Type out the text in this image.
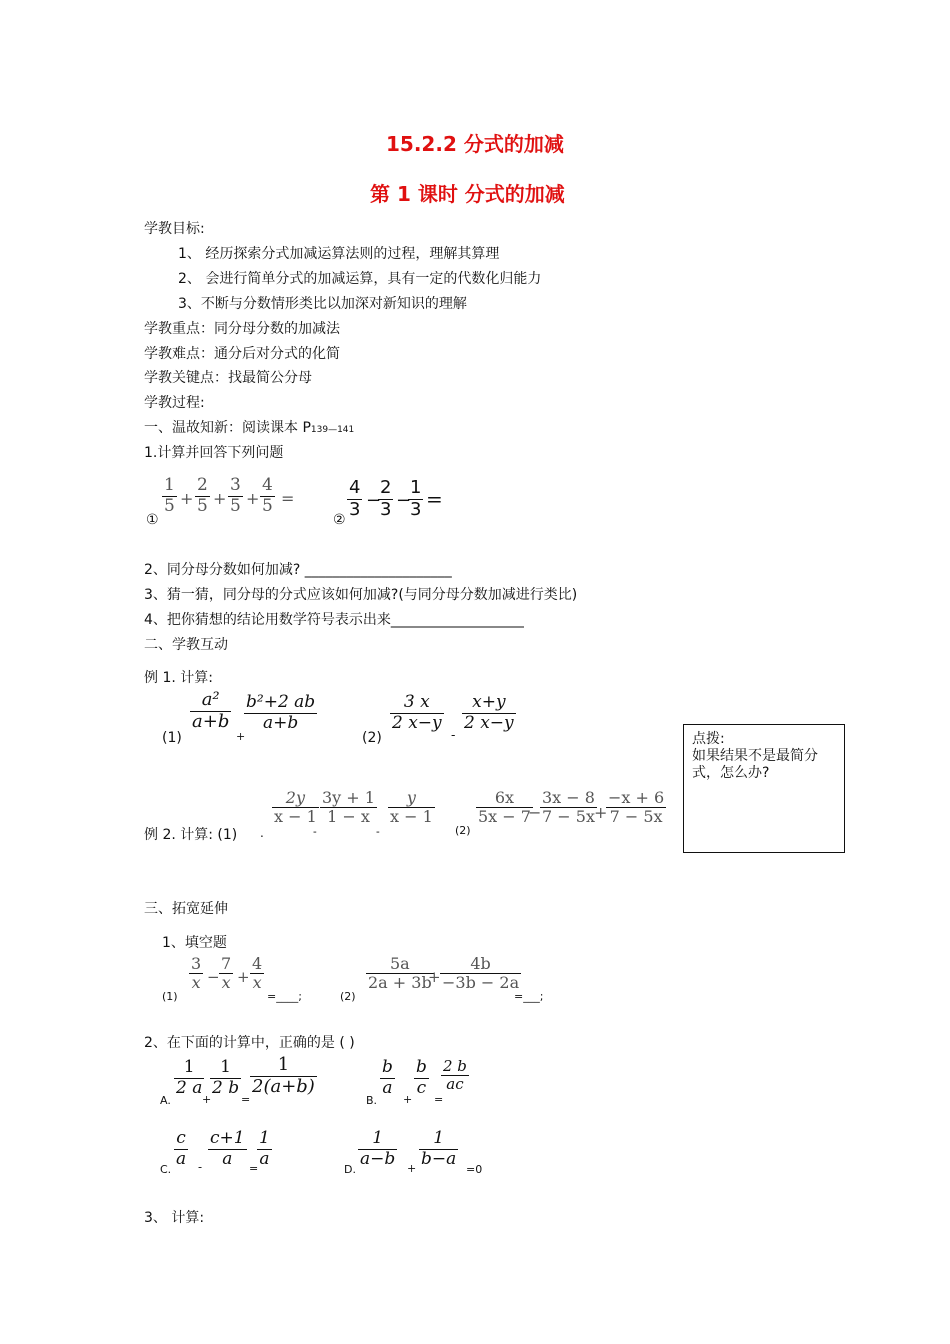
15.2.2 分式的加减
第 1 课时 分式的加减
学教目标:
1、 经历探索分式加减运算法则的过程，理解其算理
2、 会进行简单分式的加减运算，具有一定的代数化归能力
3、不断与分数情形类比以加深对新知识的理解
学教重点：同分母分数的加减法
学教难点：通分后对分式的化简
学教关键点：找最简公分母
学教过程:
一、温故知新：阅读课本 P139—141
1.计算并回答下列问题
①
$\frac{1}{5} + \frac{2}{5} + \frac{3}{5} + \frac{4}{5}$ =
② $\frac{4}{3}$ −
$\frac{2}{3}$ −
$\frac{1}{3}$ =
2、同分母分数如何加减? _____________________
3、猜一猜，同分母的分式应该如何加减?(与同分母分数加减进行类比)
4、把你猜想的结论用数学符号表示出来___________________
二、学教互动
例 1. 计算:
(1)
$\frac{\text{a²}}{a+b}$
+
$\frac{\text{b²+2 ab}}{a+b}$
(2)
$\frac{3 x}{2 x-y}$
-
$\frac{x+y}{2 x-y}$
点拨:
如果结果不是最简分
式，怎么办?
例 2. 计算: (1) .
$\frac{2y}{x - 1}$
-
$\frac{3y + 1}{1 - x}$
-
$\frac{y}{x - 1}$
(2)
$\frac{6x}{5x - 7}$
−
$\frac{3x - 8}{7 - 5x}$
+
$\frac{-x + 6}{7 - 5x}$
三、拓宽延伸
1、填空题
(1)
$\frac{3}{x} - \frac{7}{x} + \frac{4}{x}$
=____;	(2)
$\frac{5a}{2a + 3b}$
+ $\frac{4b}{-3b - 2a}$
=___;
2、在下面的计算中，正确的是 ( )
A.
$\frac{1}{2 a}$
+
$\frac{1}{2 b}$
=
$\frac{1}{2(a+b)}$
B.
$\frac{b}{a}$
+
$\frac{b}{c}$
=
$\frac{2 b}{ac}$
C.
$\frac{c}{a} - \frac{c+1}{a}$ =
$\frac{1}{a}$
D.
$\frac{1}{a-b} + \frac{1}{b-a}$
=0
3、 计算:
